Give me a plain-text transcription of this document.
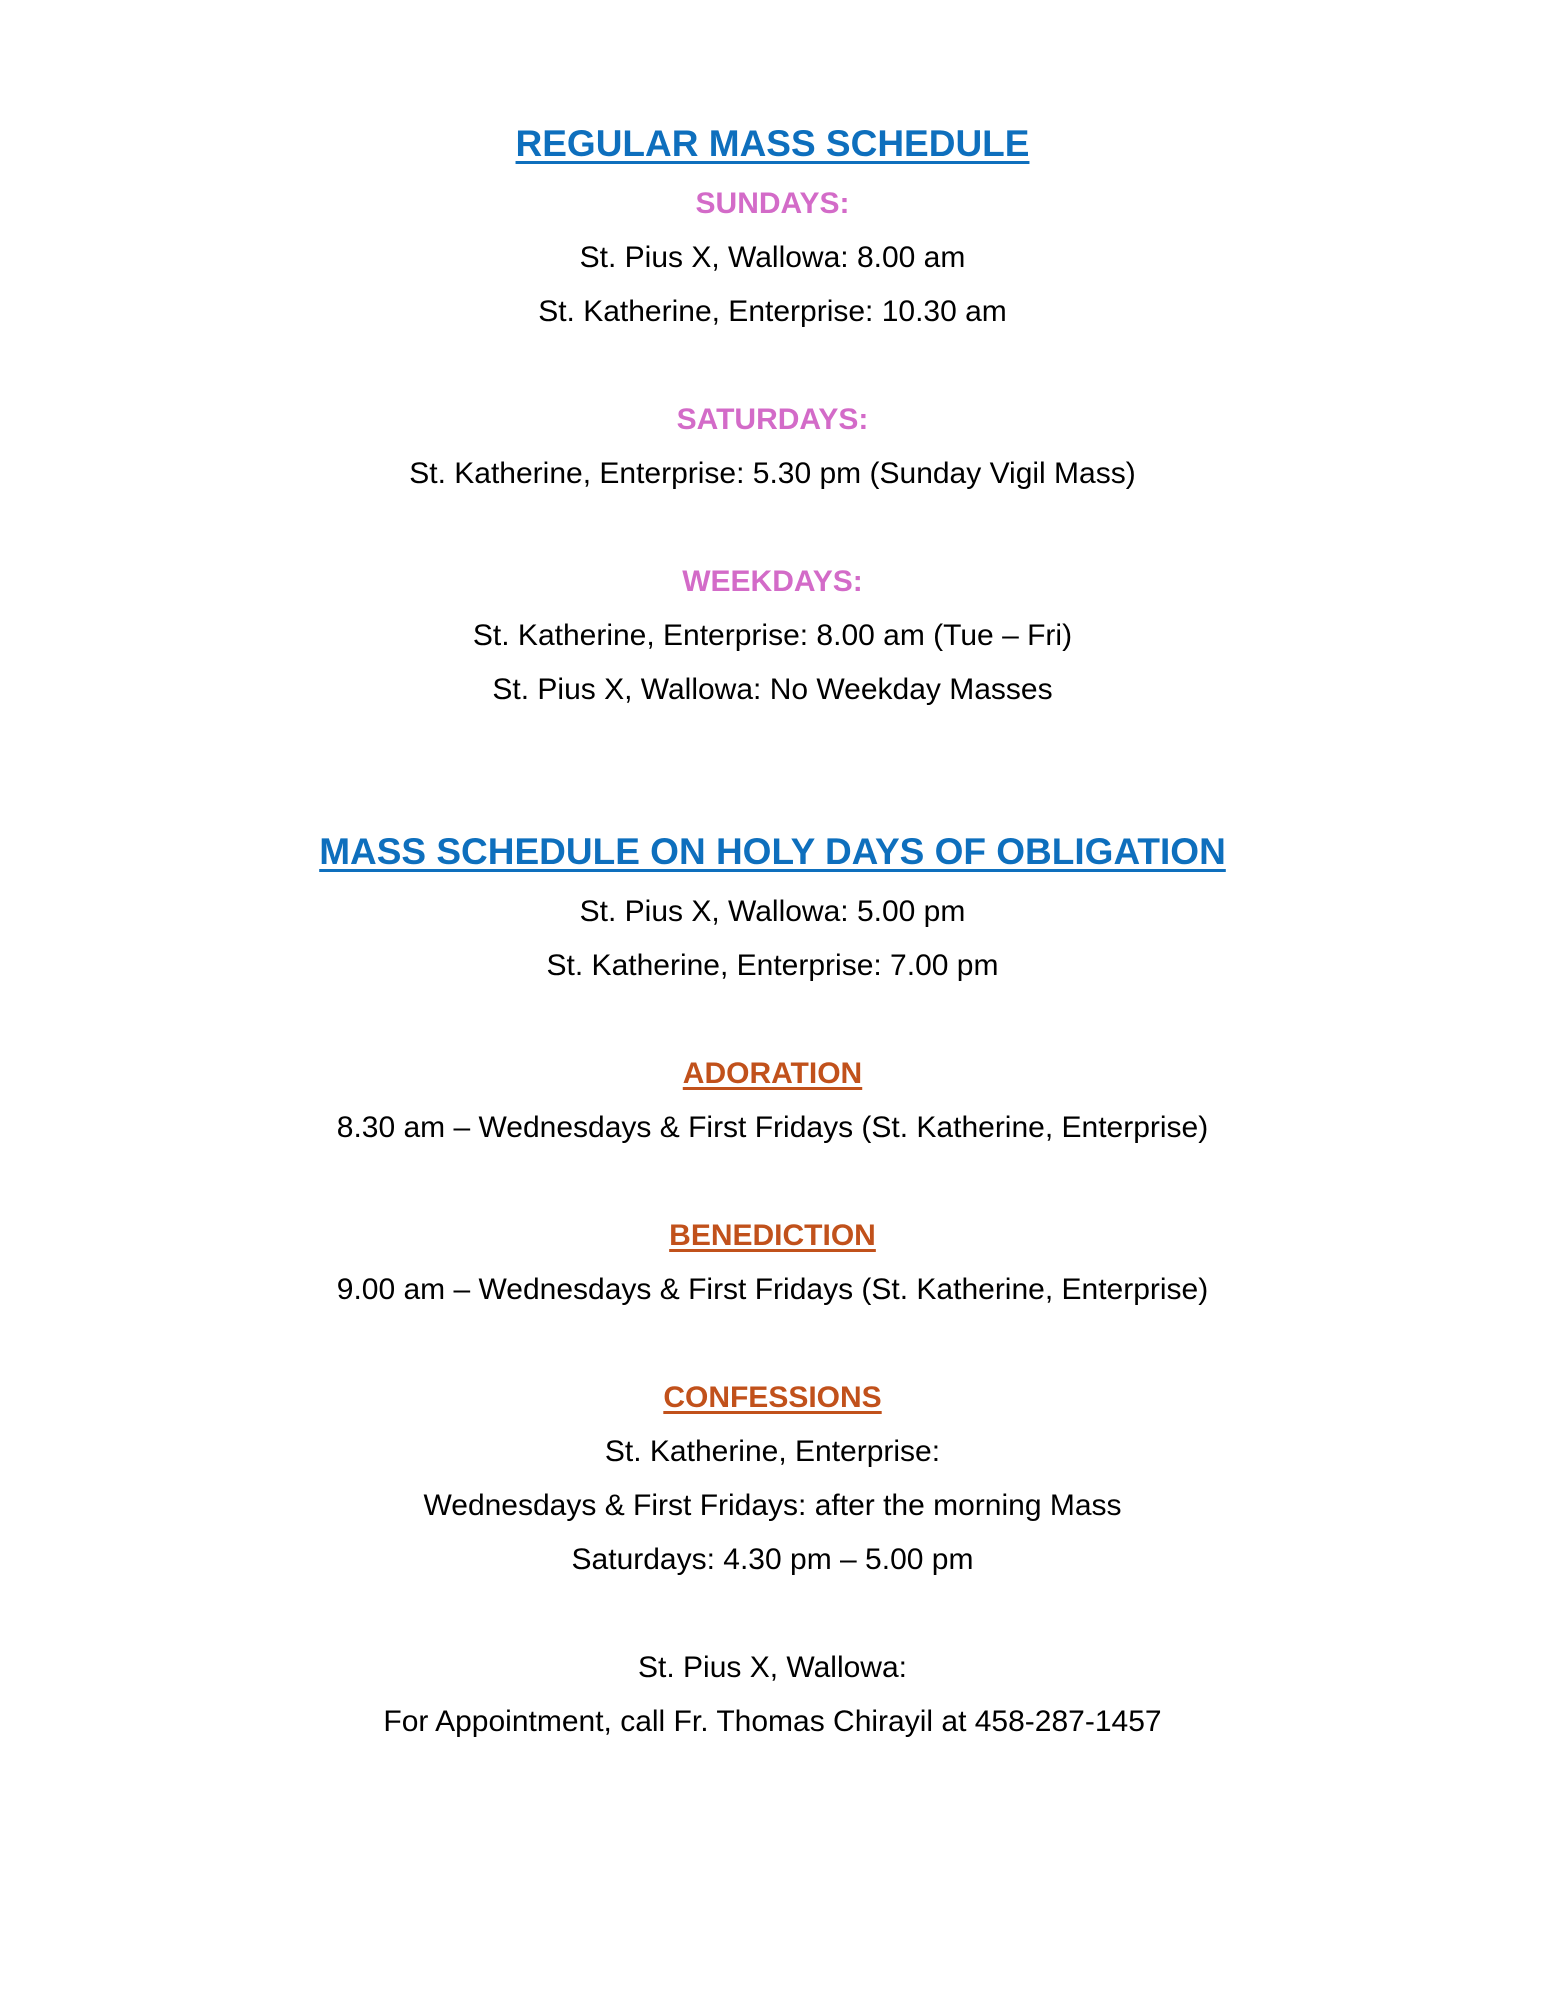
REGULAR MASS SCHEDULE
SUNDAYS:
St. Pius X, Wallowa: 8.00 am
St. Katherine, Enterprise: 10.30 am
SATURDAYS:
St. Katherine, Enterprise: 5.30 pm (Sunday Vigil Mass)
WEEKDAYS:
St. Katherine, Enterprise: 8.00 am (Tue – Fri)
St. Pius X, Wallowa: No Weekday Masses
MASS SCHEDULE ON HOLY DAYS OF OBLIGATION
St. Pius X, Wallowa: 5.00 pm
St. Katherine, Enterprise: 7.00 pm
ADORATION
8.30 am – Wednesdays & First Fridays (St. Katherine, Enterprise)
BENEDICTION
9.00 am – Wednesdays & First Fridays (St. Katherine, Enterprise)
CONFESSIONS
St. Katherine, Enterprise:
Wednesdays & First Fridays: after the morning Mass
Saturdays: 4.30 pm – 5.00 pm
St. Pius X, Wallowa:
For Appointment, call Fr. Thomas Chirayil at 458-287-1457
